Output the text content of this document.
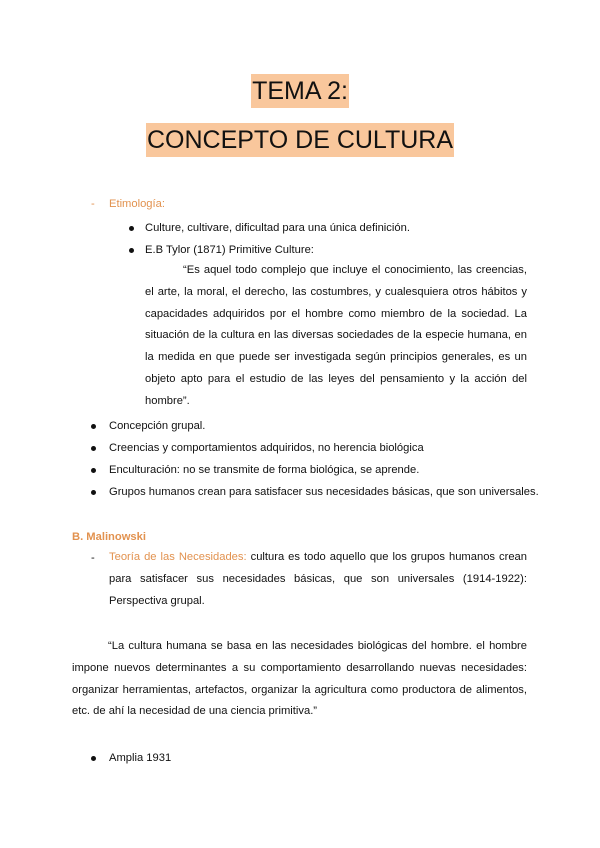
TEMA 2:
CONCEPTO DE CULTURA
- Etimología:
Culture, cultivare, dificultad para una única definición.
E.B Tylor (1871) Primitive Culture:
“Es aquel todo complejo que incluye el conocimiento, las creencias, el arte, la moral, el derecho, las costumbres, y cualesquiera otros hábitos y capacidades adquiridos por el hombre como miembro de la sociedad. La situación de la cultura en las diversas sociedades de la especie humana, en la medida en que puede ser investigada según principios generales, es un objeto apto para el estudio de las leyes del pensamiento y la acción del hombre”.
Concepción grupal.
Creencias y comportamientos adquiridos, no herencia biológica
Enculturación: no se transmite de forma biológica, se aprende.
Grupos humanos crean para satisfacer sus necesidades básicas, que son universales.
B. Malinowski
- Teoría de las Necesidades: cultura es todo aquello que los grupos humanos crean para satisfacer sus necesidades básicas, que son universales (1914-1922): Perspectiva grupal.
“La cultura humana se basa en las necesidades biológicas del hombre. el hombre impone nuevos determinantes a su comportamiento desarrollando nuevas necesidades: organizar herramientas, artefactos, organizar la agricultura como productora de alimentos, etc. de ahí la necesidad de una ciencia primitiva.”
Amplia 1931
